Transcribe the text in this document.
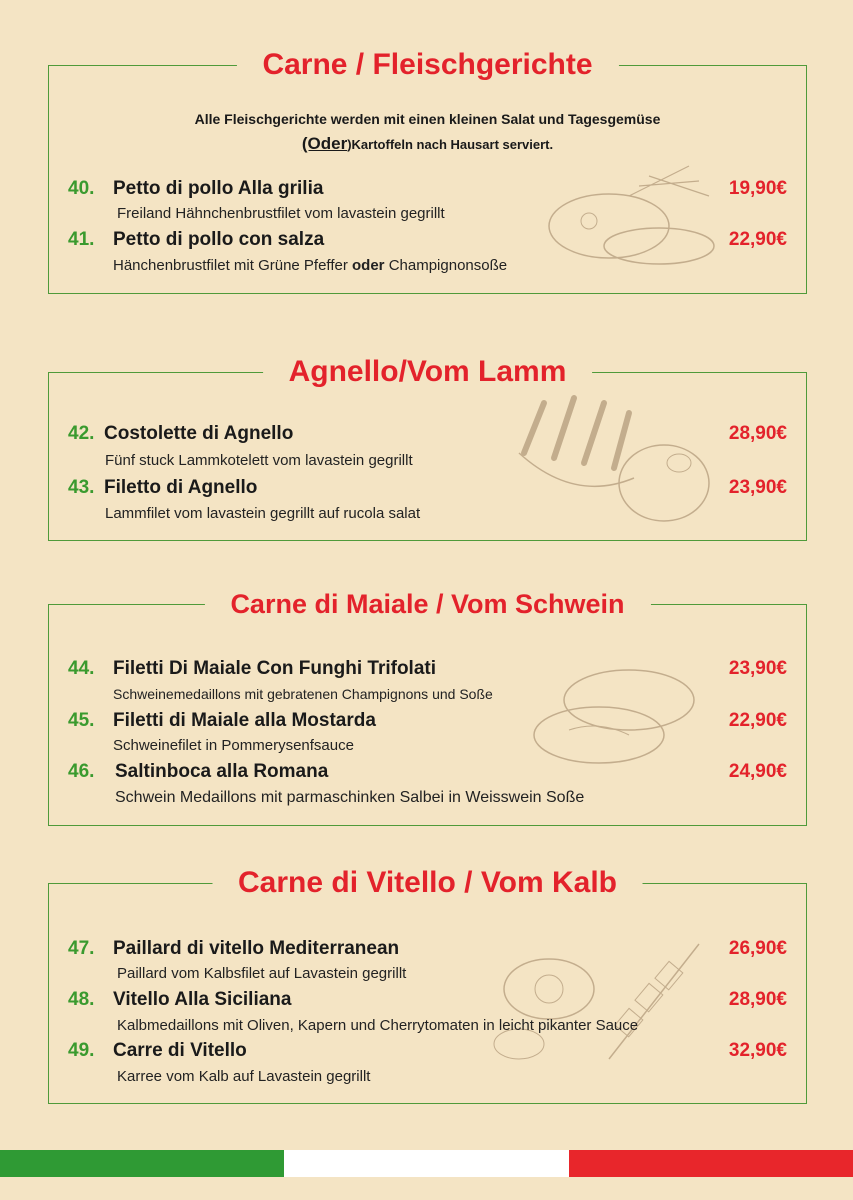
Carne / Fleischgerichte
Alle Fleischgerichte werden mit einen kleinen Salat und Tagesgemüse
(Oder)Kartoffeln nach Hausart serviert.
40. Petto di pollo Alla grilia	19,90€
Freiland Hähnchenbrustfilet vom lavastein gegrillt
41. Petto di pollo con salza	22,90€
Hänchenbrustfilet mit Grüne Pfeffer oder Champignonsoße
Agnello/Vom Lamm
42. Costolette di Agnello	28,90€
Fünf stuck Lammkotelett vom lavastein gegrillt
43. Filetto di Agnello	23,90€
Lammfilet vom lavastein gegrillt auf rucola salat
Carne di Maiale / Vom Schwein
44. Filetti Di Maiale Con Funghi Trifolati	23,90€
Schweinemedaillons mit gebratenen Champignons und Soße
45. Filetti di Maiale alla Mostarda	22,90€
Schweinefilet in Pommerysenfsauce
46. Saltinboca alla Romana	24,90€
Schwein Medaillons mit parmaschinken Salbei in Weisswein Soße
Carne di Vitello / Vom Kalb
47. Paillard di vitello Mediterranean	26,90€
Paillard vom Kalbsfilet auf Lavastein gegrillt
48. Vitello Alla Siciliana	28,90€
Kalbmedaillons mit Oliven, Kapern und Cherrytomaten in leicht pikanter Sauce
49. Carre di Vitello	32,90€
Karree vom Kalb auf Lavastein gegrillt
